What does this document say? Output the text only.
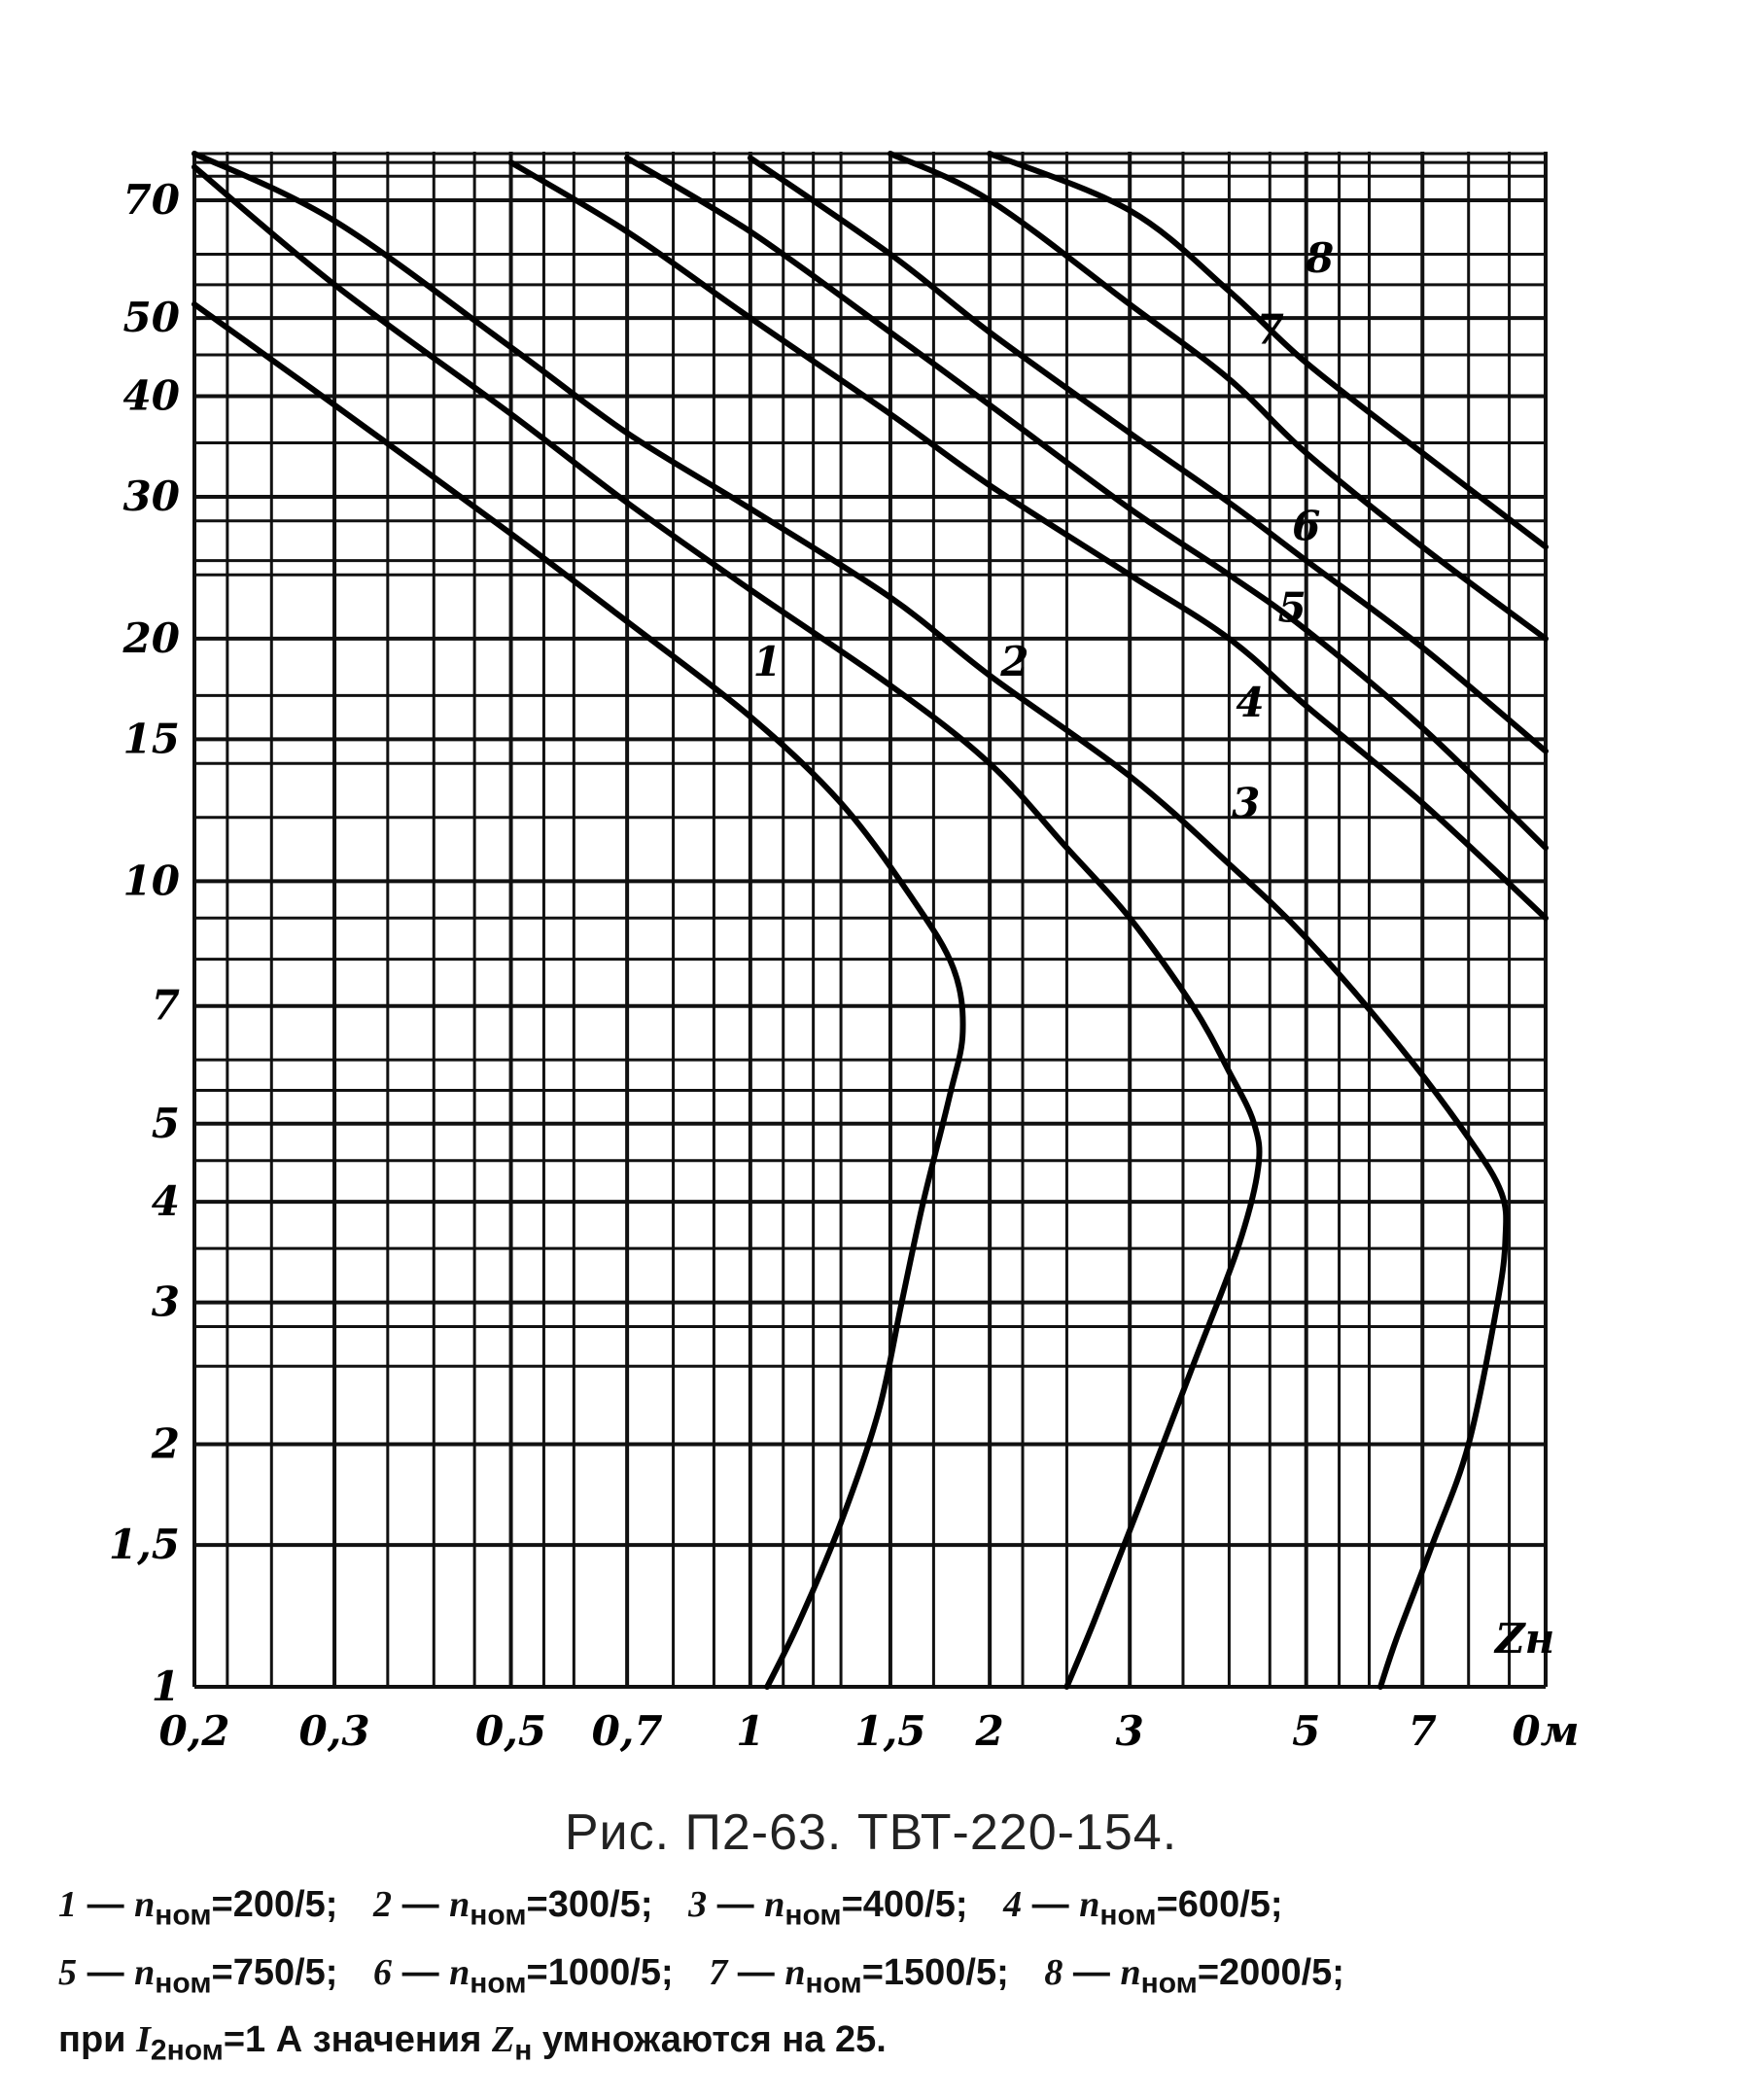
1	2
3
4
5
6
7
8
0,2 0,3	0,5 0,7 1 1,5 2	3	5 7 0м
1
1,5
2
3
4
5
7
10
15
20
30
40
50
70
Zн
Рис. П2-63. ТВТ-220-154.
1 — $n_{ном}=200/5$; 2 — $n_{ном}=300/5$; 3 — $n_{ном}=400/5$; 4 — $n_{ном}=600/5$;
5 — $n_{ном}=750/5$; 6 — $n_{ном}=1000/5$; 7 — $n_{ном}=1500/5$; 8 — $n_{ном}=2000/5$;
при $I_{2ном}=1$ А значения $Z_н$ умножаются на 25.
